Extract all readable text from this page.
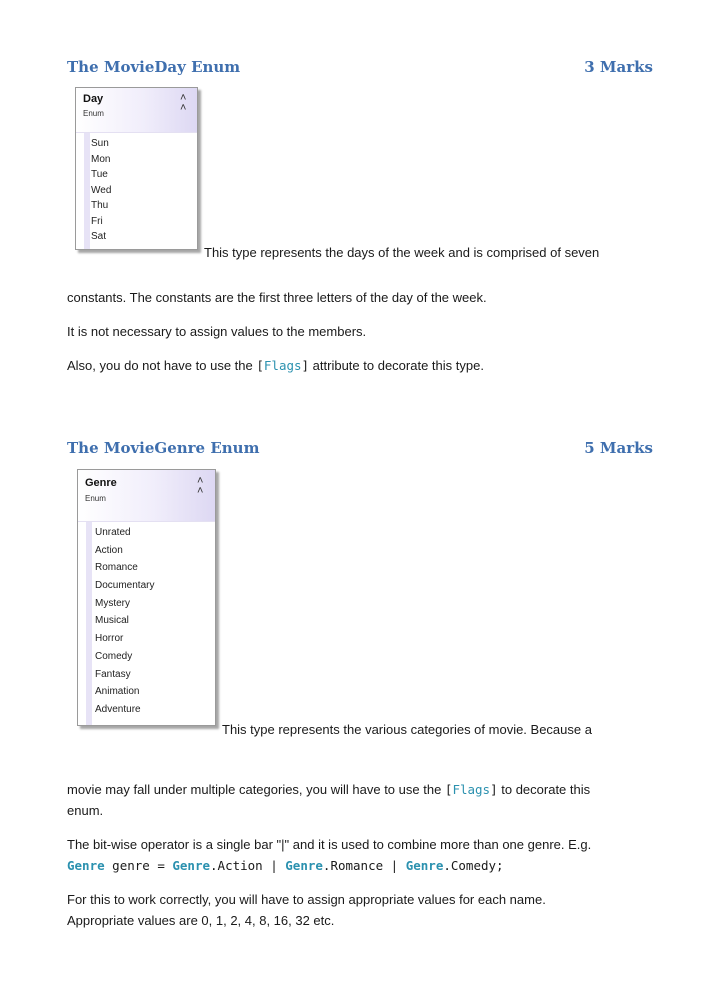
The MovieDay Enum	3 Marks
Day
Enum
˄
˄
Sun
Mon
Tue
Wed
Thu
Fri
Sat
This type represents the days of the week and is comprised of seven
constants. The constants are the first three letters of the day of the week.
It is not necessary to assign values to the members.
Also, you do not have to use the [Flags] attribute to decorate this type.
The MovieGenre Enum	5 Marks
Genre
Enum
˄
˄
Unrated
Action
Romance
Documentary
Mystery
Musical
Horror
Comedy
Fantasy
Animation
Adventure
This type represents the various categories of movie. Because a
movie may fall under multiple categories, you will have to use the [Flags] to decorate this
enum.
The bit-wise operator is a single bar "|" and it is used to combine more than one genre. E.g.
Genre genre = Genre.Action | Genre.Romance | Genre.Comedy;
For this to work correctly, you will have to assign appropriate values for each name.
Appropriate values are 0, 1, 2, 4, 8, 16, 32 etc.
